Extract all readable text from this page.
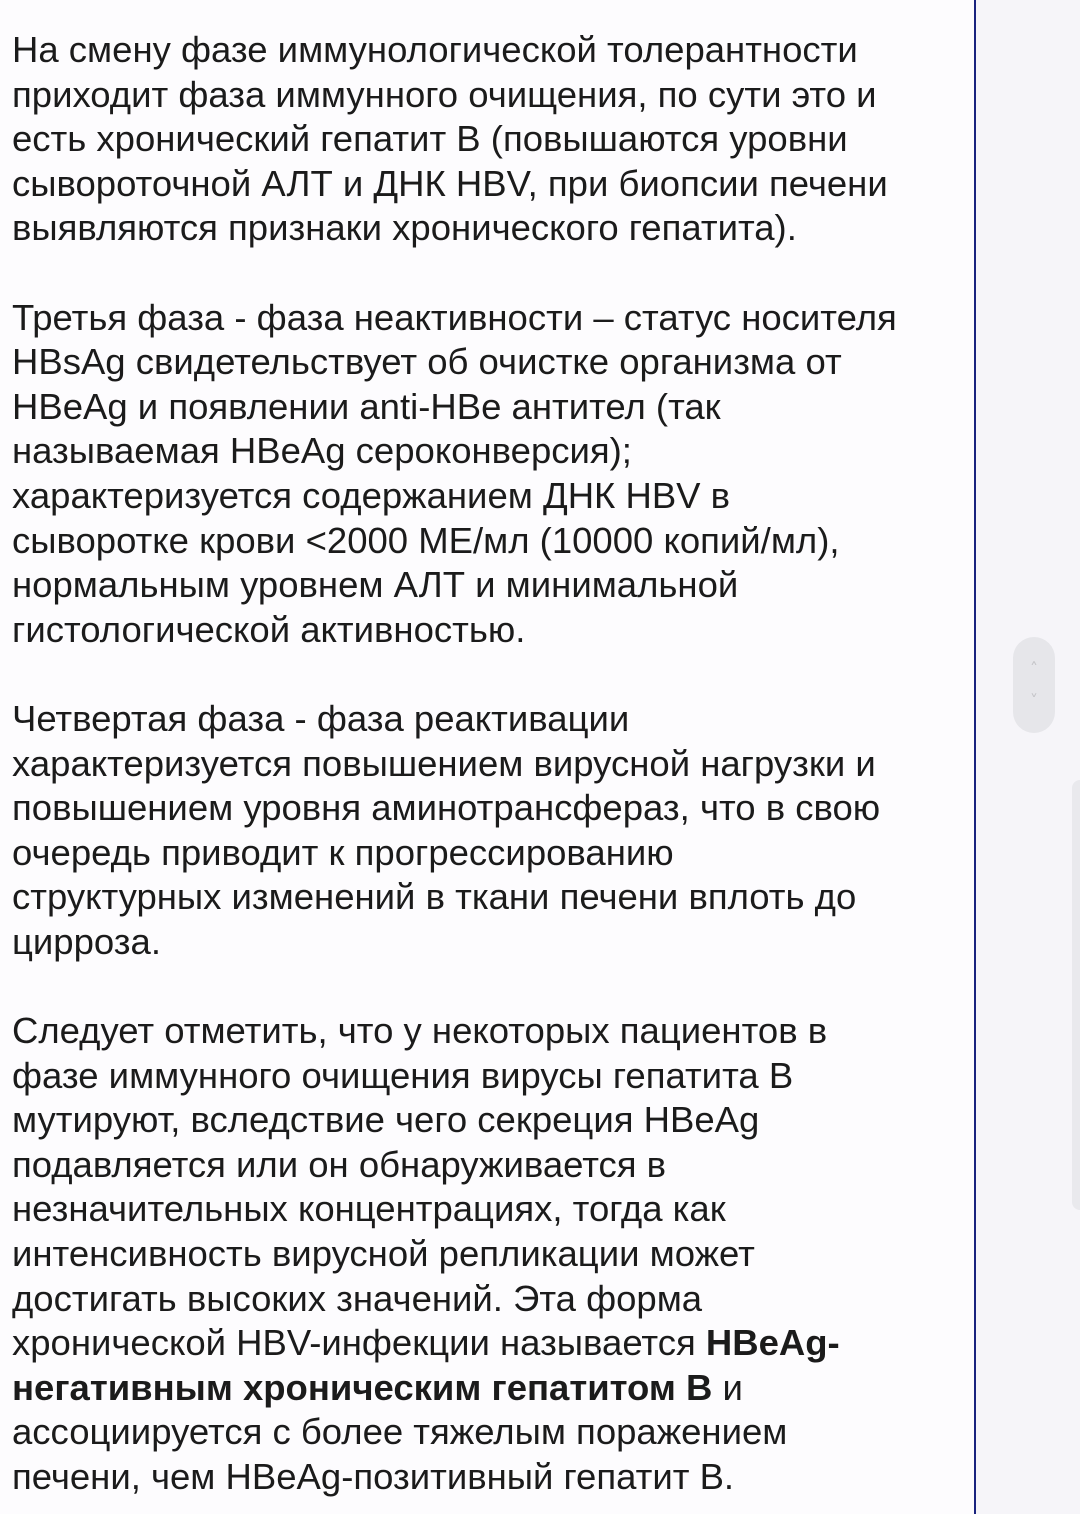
На смену фазе иммунологической толерантности
приходит фаза иммунного очищения, по сути это и
есть хронический гепатит В (повышаются уровни
сывороточной АЛТ и ДНК HBV, при биопсии печени
выявляются признаки хронического гепатита).

Третья фаза - фаза неактивности – статус носителя
HBsAg свидетельствует об очистке организма от
HBeAg и появлении anti-HBe антител (так
называемая HBeAg сероконверсия);
характеризуется содержанием ДНК HBV в
сыворотке крови <2000 МЕ/мл (10000 копий/мл),
нормальным уровнем АЛТ и минимальной
гистологической активностью.

Четвертая фаза - фаза реактивации
характеризуется повышением вирусной нагрузки и
повышением уровня аминотрансфераз, что в свою
очередь приводит к прогрессированию
структурных изменений в ткани печени вплоть до
цирроза.

Следует отметить, что у некоторых пациентов в
фазе иммунного очищения вирусы гепатита В
мутируют, вследствие чего секреция HBeAg
подавляется или он обнаруживается в
незначительных концентрациях, тогда как
интенсивность вирусной репликации может
достигать высоких значений. Эта форма
хронической HBV-инфекции называется HBeAg-
негативным хроническим гепатитом В и
ассоциируется с более тяжелым поражением
печени, чем HBeAg-позитивный гепатит В.

˄
˅
